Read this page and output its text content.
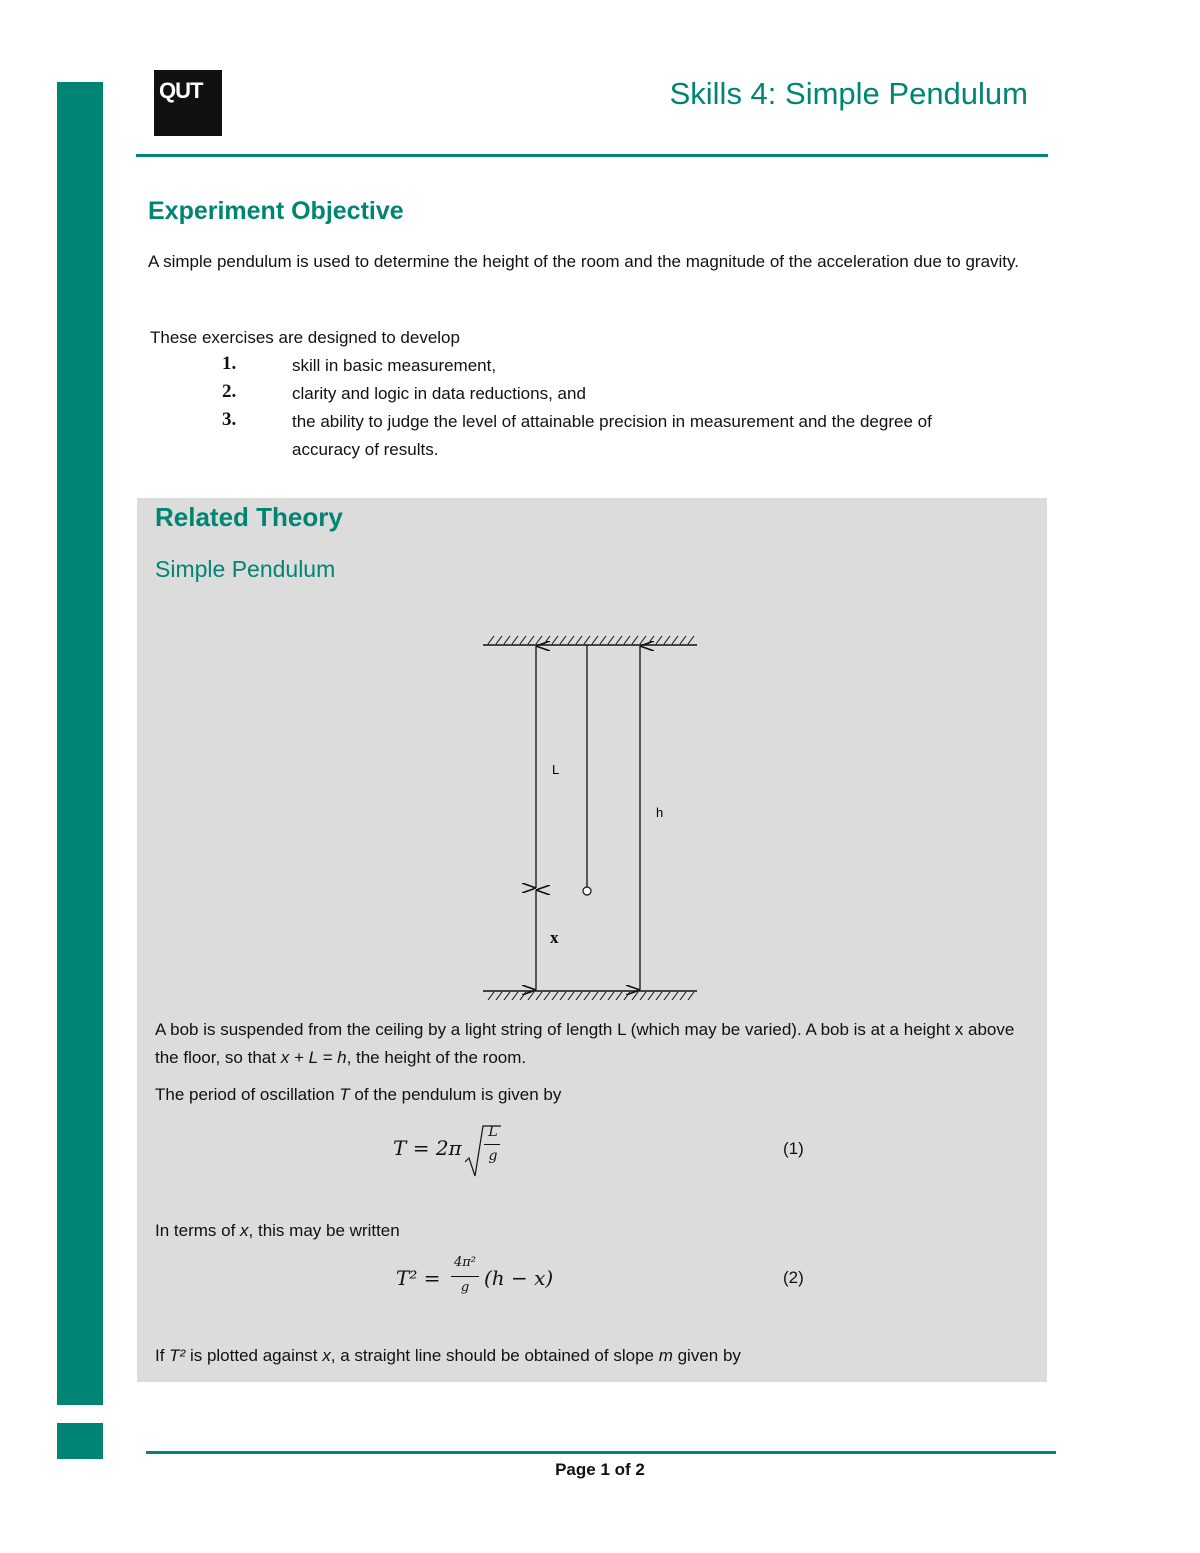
QUT	Skills 4: Simple Pendulum
Experiment Objective
A simple pendulum is used to determine the height of the room and the magnitude of the acceleration due to gravity.
These exercises are designed to develop
1.	skill in basic measurement,
2.	clarity and logic in data reductions, and
3.	the ability to judge the level of attainable precision in measurement and the degree of accuracy of results.
Related Theory
Simple Pendulum
L
h
x
A bob is suspended from the ceiling by a light string of length L (which may be varied). A bob is at a height x above the floor, so that x + L = h, the height of the room.
The period of oscillation T of the pendulum is given by
T = 2π
L
g	(1)
In terms of x, this may be written
T² =
4π²
g (h − x)	(2)
If T² is plotted against x, a straight line should be obtained of slope m given by
Page 1 of 2
